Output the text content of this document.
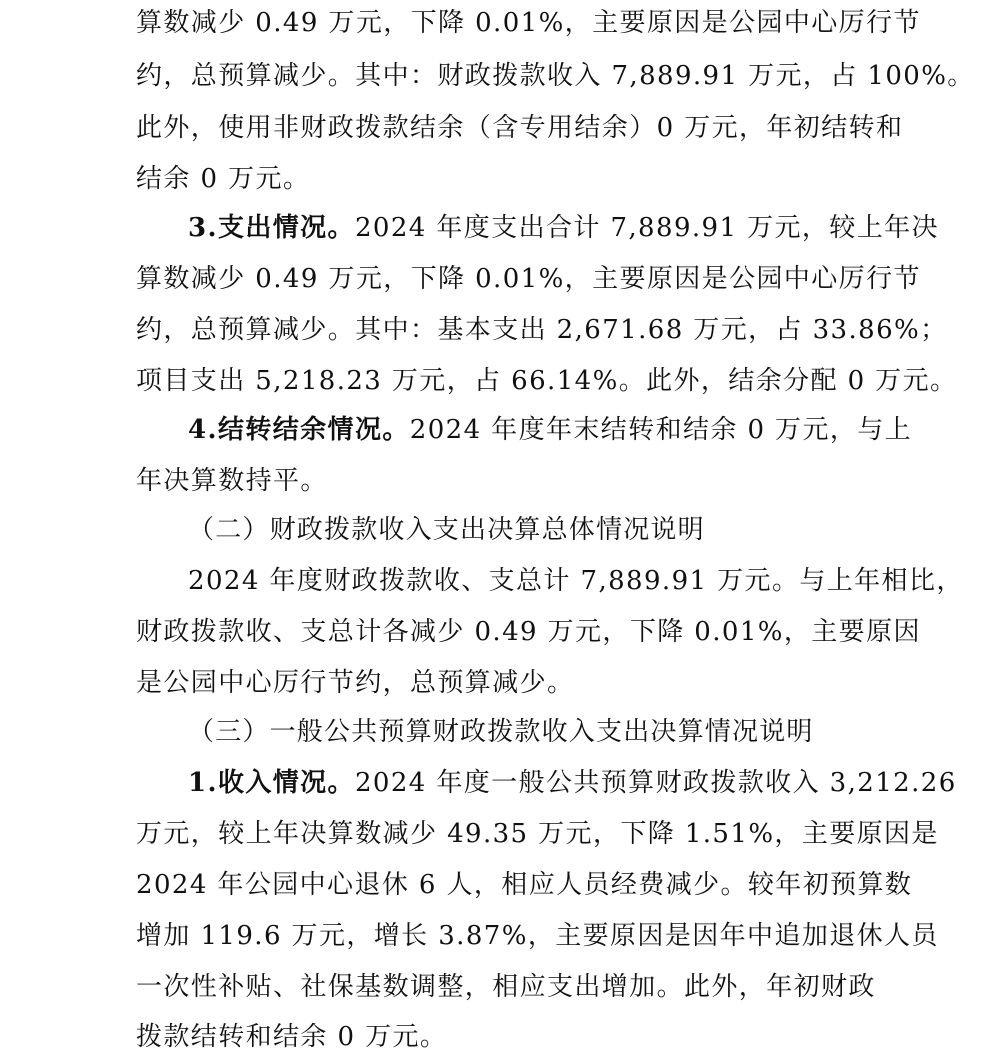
算数减少 0.49 万元，下降 0.01%，主要原因是公园中心厉行节
约，总预算减少。其中：财政拨款收入 7,889.91 万元，占 100%。
此外，使用非财政拨款结余（含专用结余）0 万元，年初结转和
结余 0 万元。
3.支出情况。2024 年度支出合计 7,889.91 万元，较上年决
算数减少 0.49 万元，下降 0.01%，主要原因是公园中心厉行节
约，总预算减少。其中：基本支出 2,671.68 万元，占 33.86%；
项目支出 5,218.23 万元，占 66.14%。此外，结余分配 0 万元。
4.结转结余情况。2024 年度年末结转和结余 0 万元，与上
年决算数持平。
（二）财政拨款收入支出决算总体情况说明
2024 年度财政拨款收、支总计 7,889.91 万元。与上年相比，
财政拨款收、支总计各减少 0.49 万元，下降 0.01%，主要原因
是公园中心厉行节约，总预算减少。
（三）一般公共预算财政拨款收入支出决算情况说明
1.收入情况。2024 年度一般公共预算财政拨款收入 3,212.26
万元，较上年决算数减少 49.35 万元，下降 1.51%，主要原因是
2024 年公园中心退休 6 人，相应人员经费减少。较年初预算数
增加 119.6 万元，增长 3.87%，主要原因是因年中追加退休人员
一次性补贴、社保基数调整，相应支出增加。此外，年初财政
拨款结转和结余 0 万元。
